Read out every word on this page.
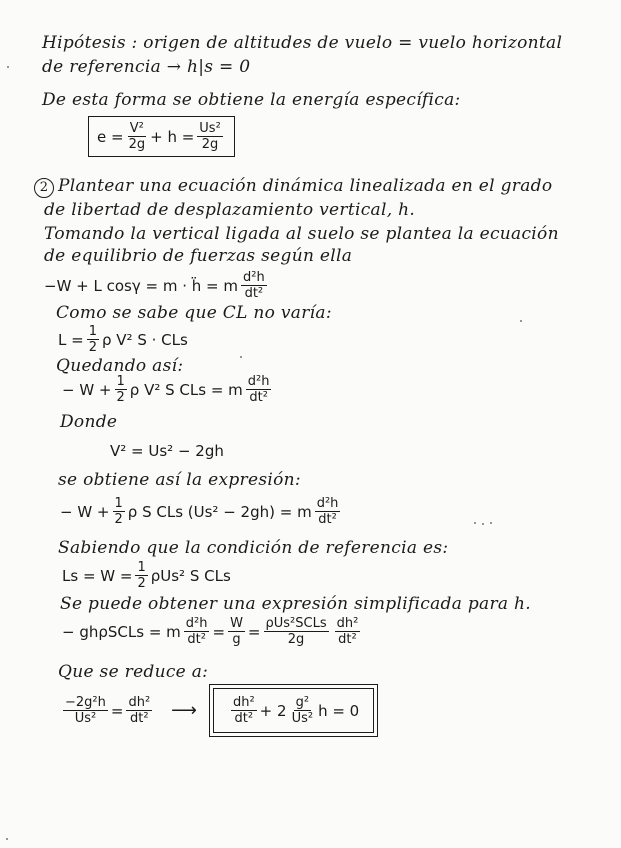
Hipótesis : origen de altitudes de vuelo = vuelo horizontal
de referencia → h|s = 0
De esta forma se obtiene la energía específica:
$e = \frac{\text{V²}}{2g} + h = \frac{\text{Us²}}{2g}$
2 Plantear una ecuación dinámica linealizada en el grado
de libertad de desplazamiento vertical, h.
Tomando la vertical ligada al suelo se plantea la ecuación
de equilibrio de fuerzas según ella
−W + L cosγ = m · ḧ = m $\frac{\text{d²h}}{\text{dt²}}$
Como se sabe que CL no varía:
$L = \frac{1}{2}$ ρ V² S · CLs
Quedando así:
− $W + \frac{1}{2}$ ρ V² S CLs = m $\frac{\text{d²h}}{\text{dt²}}$
Donde
V² = Us² − 2gh
se obtiene así la expresión:
− $W + \frac{1}{2}$ ρ S CLs (Us² − 2gh) = m $\frac{\text{d²h}}{\text{dt²}}$
Sabiendo que la condición de referencia es:
$Ls = W = \frac{1}{2} \rho Us^2$ S CLs
Se puede obtener una expresión simplificada para h.
− ghρSCLs = m $\frac{\text{d²h}}{\text{dt²}} = \frac{W}{g} = \frac{\text{ρUs²SCLs}}{2g} \frac{\text{dh²}}{\text{dt²}}$
Que se reduce a:
$\frac{\text{−2g²h}}{\text{Us²}} = \frac{\text{dh²}}{\text{dt²}}$ ⟶	$\frac{\text{dh²}}{\text{dt²}} + 2 \frac{\text{g²}}{\text{Us²}}$ h = 0
